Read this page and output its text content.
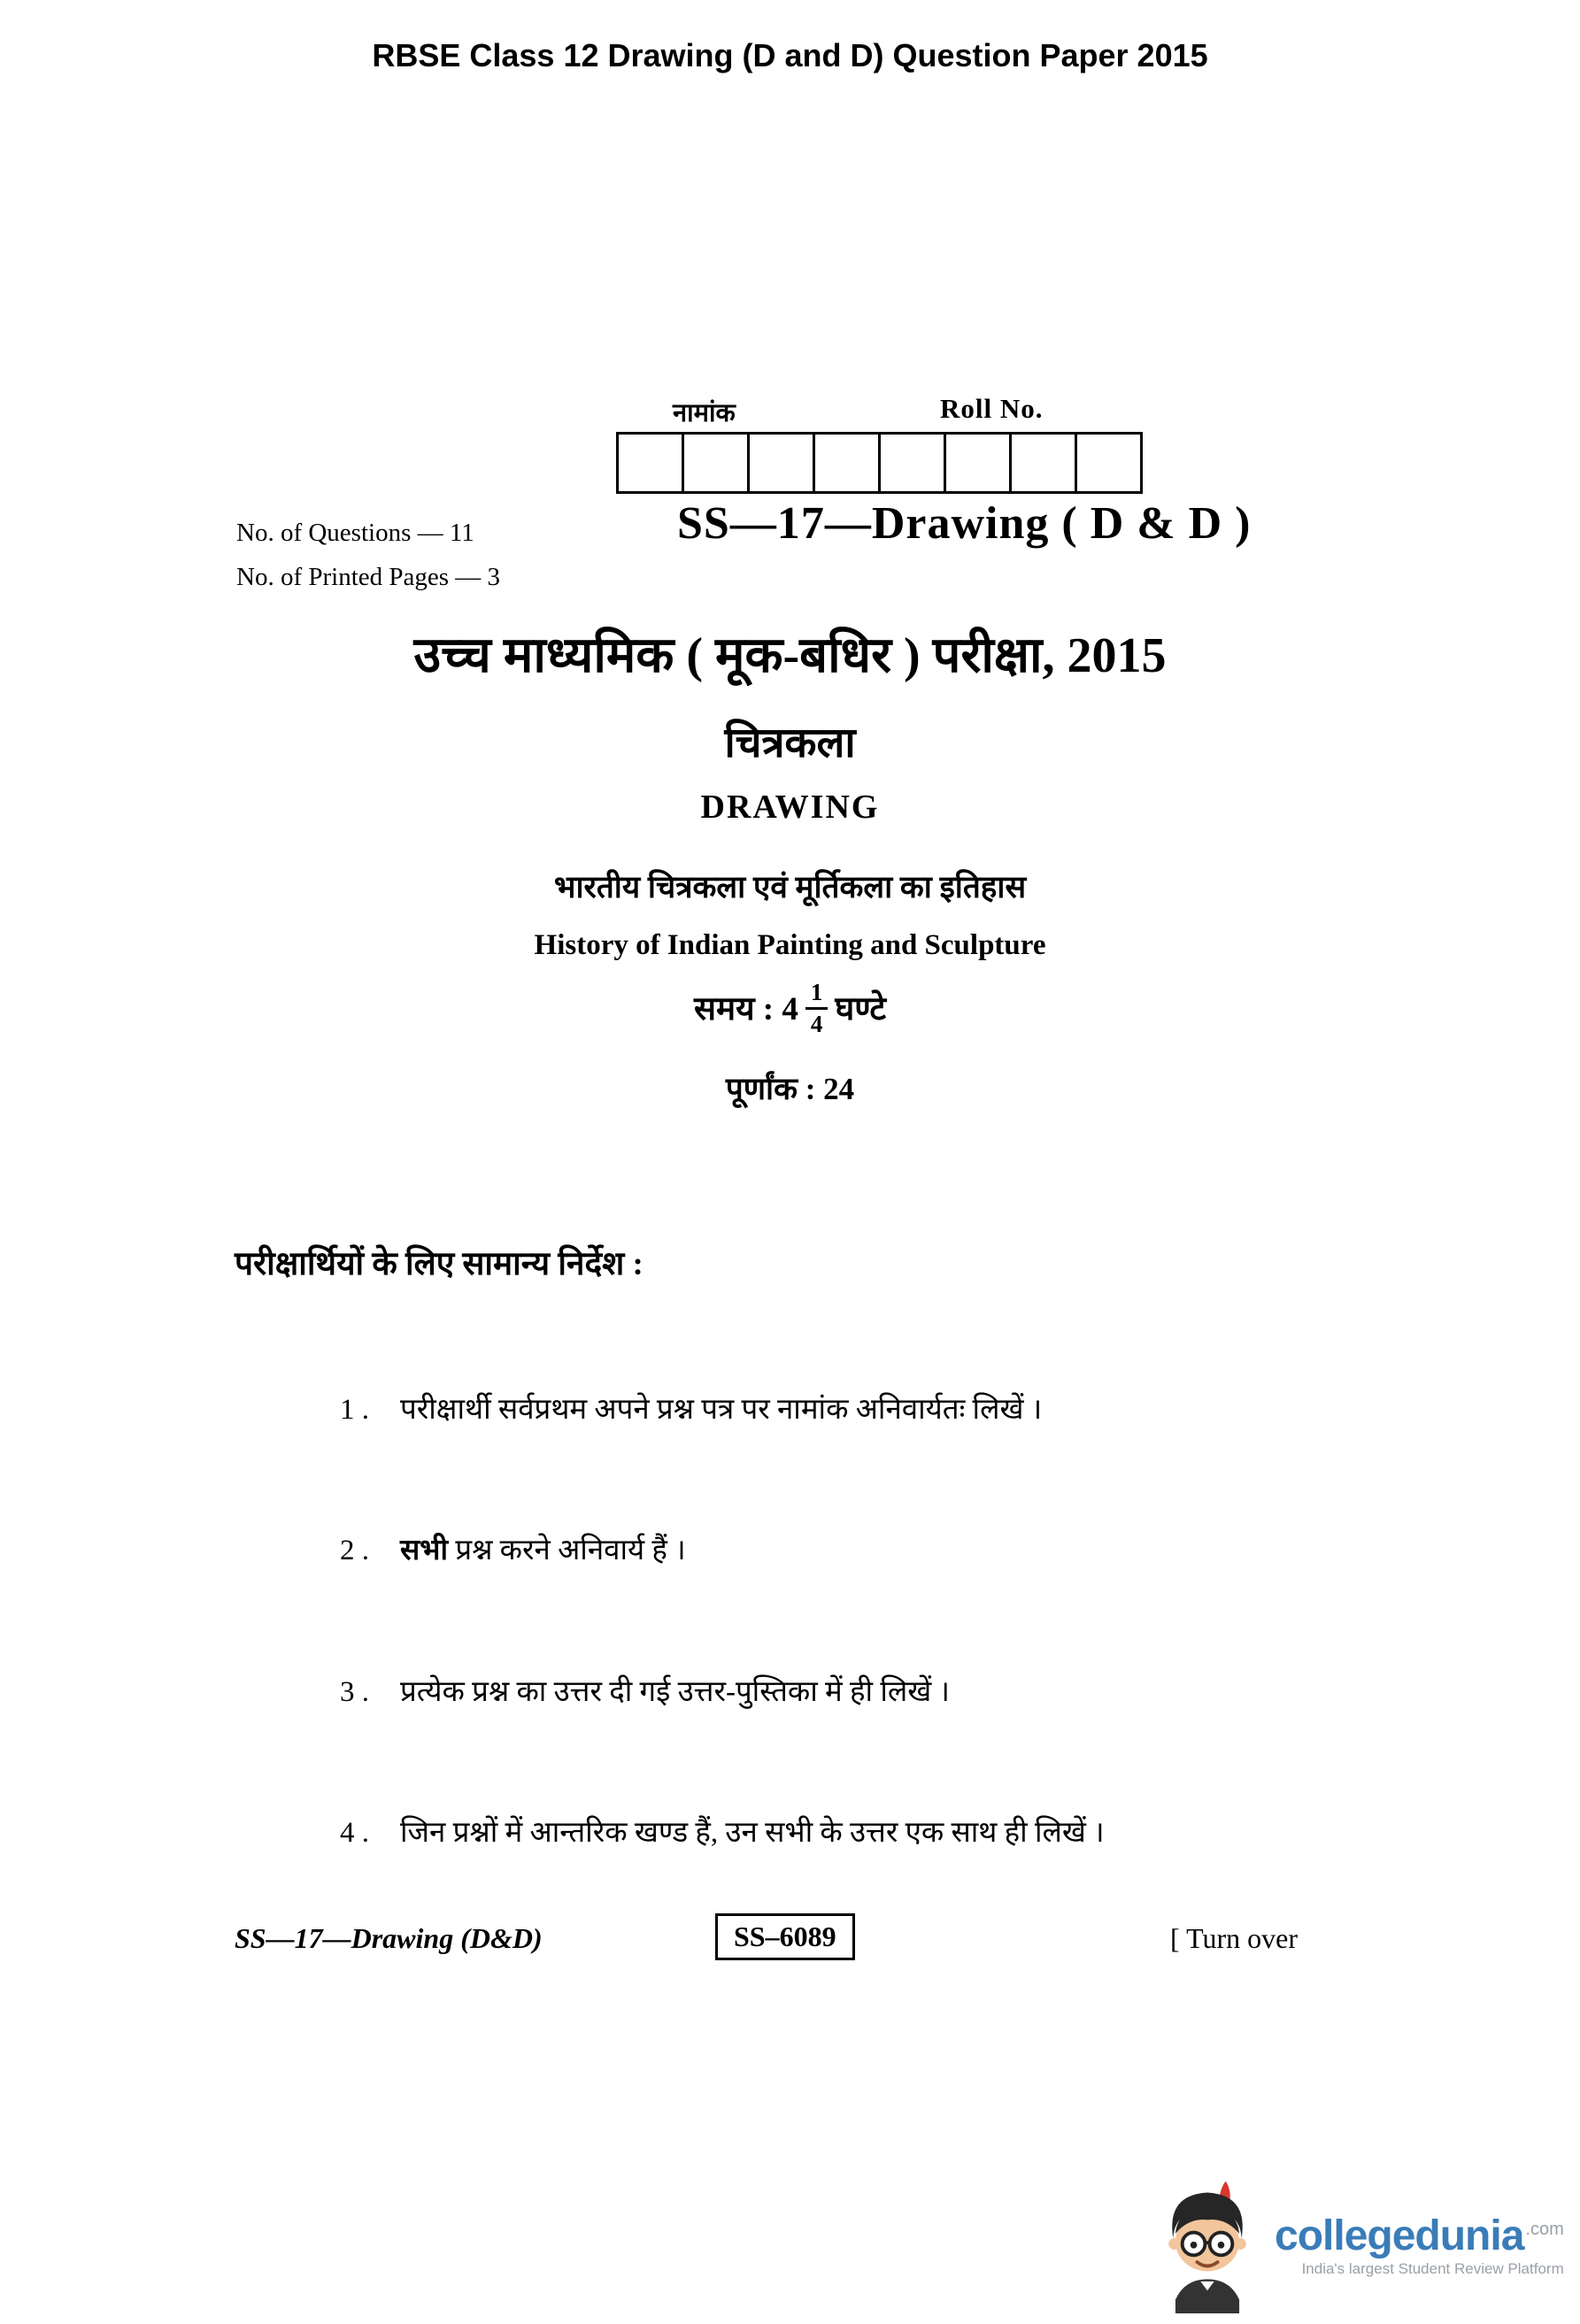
RBSE Class 12 Drawing (D and D) Question Paper 2015
नामांक	Roll No.
No. of Questions — 11
No. of Printed Pages — 3
SS—17—Drawing ( D & D )
उच्च माध्यमिक ( मूक-बधिर ) परीक्षा, 2015
चित्रकला
DRAWING
भारतीय चित्रकला एवं मूर्तिकला का इतिहास
History of Indian Painting and Sculpture
समय : $4 \frac{1}{4}$ घण्टे
पूर्णांक : 24
परीक्षार्थियों के लिए सामान्य निर्देश :
1 . परीक्षार्थी सर्वप्रथम अपने प्रश्न पत्र पर नामांक अनिवार्यतः लिखें ।
2 . सभी प्रश्न करने अनिवार्य हैं ।
3 . प्रत्येक प्रश्न का उत्तर दी गई उत्तर-पुस्तिका में ही लिखें ।
4 . जिन प्रश्नों में आन्तरिक खण्ड हैं, उन सभी के उत्तर एक साथ ही लिखें ।
SS—17—Drawing (D&D)	SS–6089	[ Turn over
collegedunia .com
India's largest Student Review Platform
